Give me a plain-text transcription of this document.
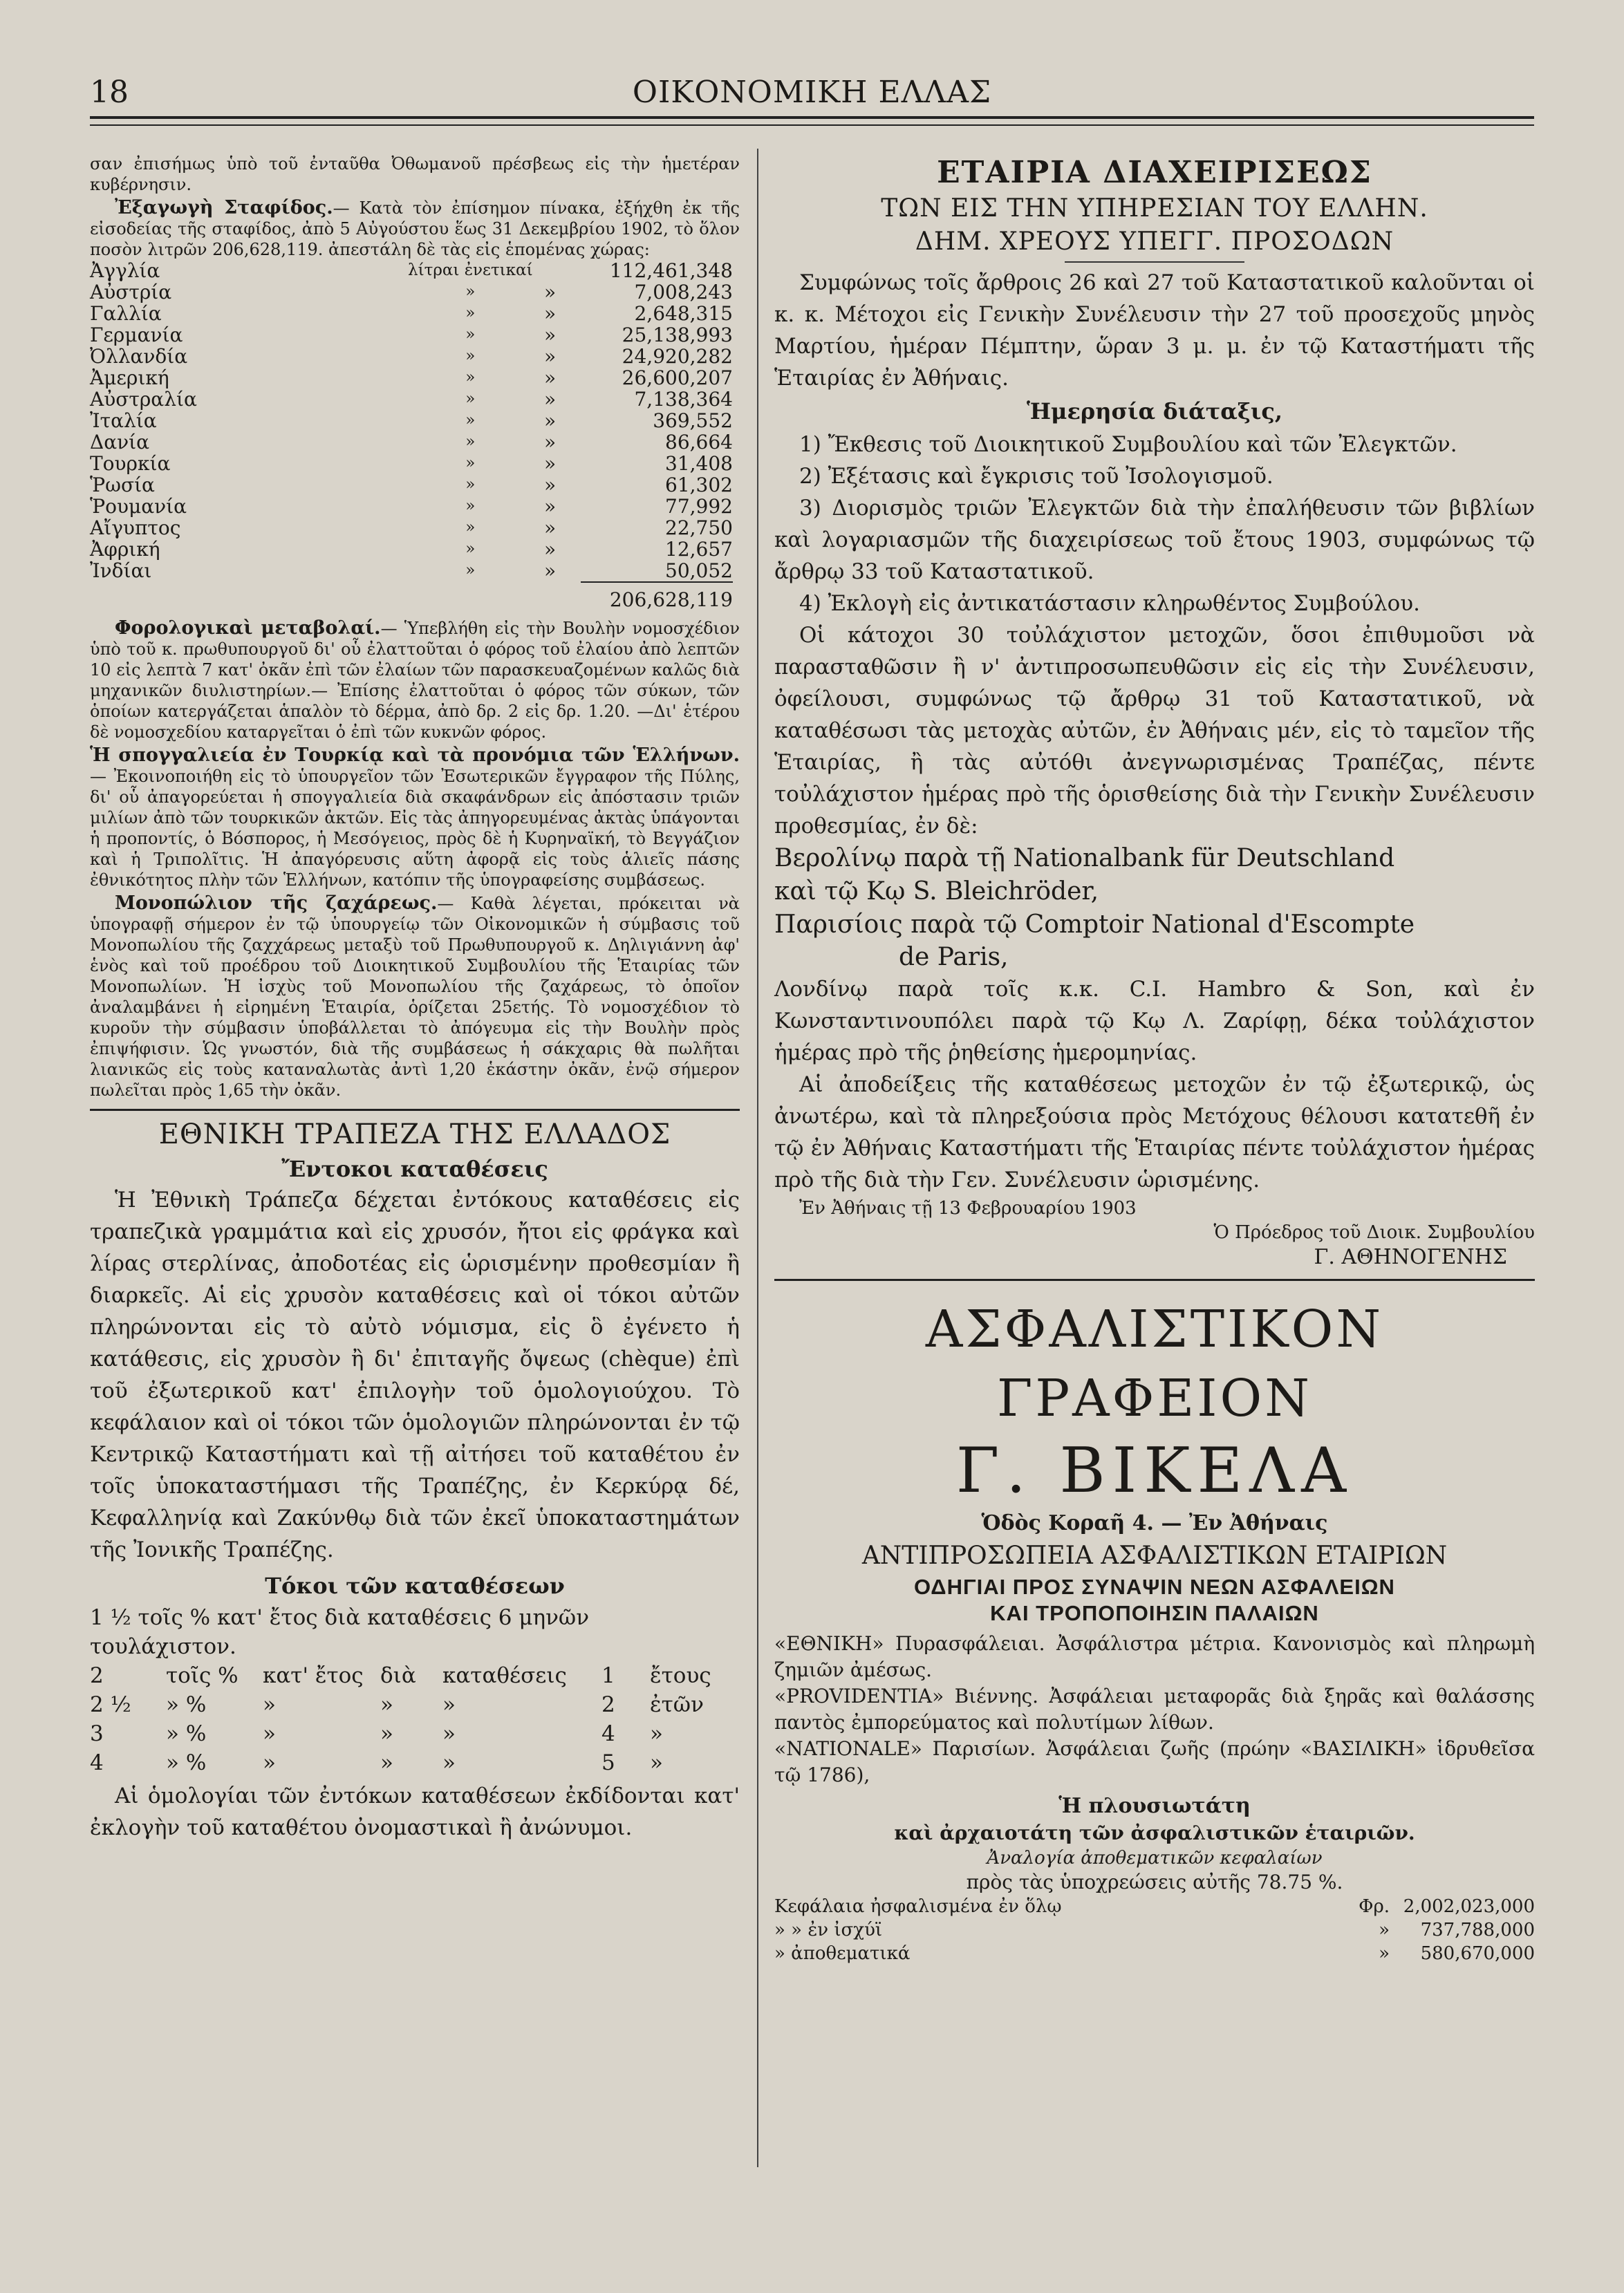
18	ΟΙΚΟΝΟΜΙΚΗ ΕΛΛΑΣ

σαν ἐπισήμως ὑπὸ τοῦ ἐνταῦθα Ὀθωμανοῦ πρέσβεως εἰς τὴν ἡμετέραν κυβέρνησιν.

Ἐξαγωγὴ Σταφίδος.— Κατὰ τὸν ἐπίσημον πίνακα, ἐξήχθη ἐκ τῆς εἰσοδείας τῆς σταφίδος, ἀπὸ 5 Αὐγούστου ἕως 31 Δεκεμβρίου 1902, τὸ ὅλον ποσὸν λιτρῶν 206,628,119. ἀπεστάλη δὲ τὰς εἰς ἑπομένας χώρας:

Ἀγγλία	λίτραι ἐνετικαί		112,461,348
Αὐστρία	»	»	7,008,243
Γαλλία	»	»	2,648,315
Γερμανία	»	»	25,138,993
Ὀλλανδία	»	»	24,920,282
Ἀμερική	»	»	26,600,207
Αὐστραλία	»	»	7,138,364
Ἰταλία	»	»	369,552
Δανία	»	»	86,664
Τουρκία	»	»	31,408
Ῥωσία	»	»	61,302
Ῥουμανία	»	»	77,992
Αἴγυπτος	»	»	22,750
Ἀφρική	»	»	12,657
Ἰνδίαι	»	»	50,052
206,628,119

Φορολογικαὶ μεταβολαί.— Ὑπεβλήθη εἰς τὴν Βουλὴν νομοσχέδιον ὑπὸ τοῦ κ. πρωθυπουργοῦ δι' οὗ ἐλαττοῦται ὁ φόρος τοῦ ἐλαίου ἀπὸ λεπτῶν 10 εἰς λεπτὰ 7 κατ' ὀκᾶν ἐπὶ τῶν ἐλαίων τῶν παρασκευαζομένων καλῶς διὰ μηχανικῶν διυλιστηρίων.— Ἐπίσης ἐλαττοῦται ὁ φόρος τῶν σύκων, τῶν ὁποίων κατεργάζεται ἁπαλὸν τὸ δέρμα, ἀπὸ δρ. 2 εἰς δρ. 1.20. —Δι' ἑτέρου δὲ νομοσχεδίου καταργεῖται ὁ ἐπὶ τῶν κυκνῶν φόρος.

Ἡ σπογγαλιεία ἐν Τουρκίᾳ καὶ τὰ προνόμια τῶν Ἑλλήνων.— Ἐκοινοποιήθη εἰς τὸ ὑπουργεῖον τῶν Ἐσωτερικῶν ἔγγραφον τῆς Πύλης, δι' οὗ ἀπαγορεύεται ἡ σπογγαλιεία διὰ σκαφάνδρων εἰς ἀπόστασιν τριῶν μιλίων ἀπὸ τῶν τουρκικῶν ἀκτῶν. Εἰς τὰς ἀπηγορευμένας ἀκτὰς ὑπάγονται ἡ προποντίς, ὁ Βόσπορος, ἡ Μεσόγειος, πρὸς δὲ ἡ Κυρηναϊκή, τὸ Βεγγάζιον καὶ ἡ Τριπολῖτις. Ἡ ἀπαγόρευσις αὕτη ἀφορᾷ εἰς τοὺς ἁλιεῖς πάσης ἐθνικότητος πλὴν τῶν Ἑλλήνων, κατόπιν τῆς ὑπογραφείσης συμβάσεως.

Μονοπώλιον τῆς ζαχάρεως.— Καθὰ λέγεται, πρόκειται νὰ ὑπογραφῇ σήμερον ἐν τῷ ὑπουργείῳ τῶν Οἰκονομικῶν ἡ σύμβασις τοῦ Μονοπωλίου τῆς ζαχχάρεως μεταξὺ τοῦ Πρωθυπουργοῦ κ. Δηλιγιάννη ἀφ' ἑνὸς καὶ τοῦ προέδρου τοῦ Διοικητικοῦ Συμβουλίου τῆς Ἑταιρίας τῶν Μονοπωλίων. Ἡ ἰσχὺς τοῦ Μονοπωλίου τῆς ζαχάρεως, τὸ ὁποῖον ἀναλαμβάνει ἡ εἰρημένη Ἑταιρία, ὁρίζεται 25ετής. Τὸ νομοσχέδιον τὸ κυροῦν τὴν σύμβασιν ὑποβάλλεται τὸ ἀπόγευμα εἰς τὴν Βουλὴν πρὸς ἐπιψήφισιν. Ὡς γνωστόν, διὰ τῆς συμβάσεως ἡ σάκχαρις θὰ πωλῆται λιανικῶς εἰς τοὺς καταναλωτὰς ἀντὶ 1,20 ἑκάστην ὀκᾶν, ἐνῷ σήμερον πωλεῖται πρὸς 1,65 τὴν ὀκᾶν.

ΕΘΝΙΚΗ ΤΡΑΠΕΖΑ ΤΗΣ ΕΛΛΑΔΟΣ
Ἔντοκοι καταθέσεις

Ἡ Ἐθνικὴ Τράπεζα δέχεται ἐντόκους καταθέσεις εἰς τραπεζικὰ γραμμάτια καὶ εἰς χρυσόν, ἤτοι εἰς φράγκα καὶ λίρας στερλίνας, ἀποδοτέας εἰς ὡρισμένην προθεσμίαν ἢ διαρκεῖς. Αἱ εἰς χρυσὸν καταθέσεις καὶ οἱ τόκοι αὐτῶν πληρώνονται εἰς τὸ αὐτὸ νόμισμα, εἰς ὃ ἐγένετο ἡ κατάθεσις, εἰς χρυσὸν ἢ δι' ἐπιταγῆς ὄψεως (chèque) ἐπὶ τοῦ ἐξωτερικοῦ κατ' ἐπιλογὴν τοῦ ὁμολογιούχου. Τὸ κεφάλαιον καὶ οἱ τόκοι τῶν ὁμολογιῶν πληρώνονται ἐν τῷ Κεντρικῷ Καταστήματι καὶ τῇ αἰτήσει τοῦ καταθέτου ἐν τοῖς ὑποκαταστήμασι τῆς Τραπέζης, ἐν Κερκύρᾳ δέ, Κεφαλληνίᾳ καὶ Ζακύνθῳ διὰ τῶν ἐκεῖ ὑποκαταστημάτων τῆς Ἰονικῆς Τραπέζης.

Τόκοι τῶν καταθέσεων

1 ½ τοῖς % κατ' ἔτος διὰ καταθέσεις 6 μηνῶν τουλάχιστον.

2	τοῖς %	κατ' ἔτος διὰ	καταθέσεις	1	ἔτους
2 ½	» %	»	»	»	2	ἐτῶν
3	» %	»	»	»	4	»
4	» %	»	»	»	5	»

Αἱ ὁμολογίαι τῶν ἐντόκων καταθέσεων ἐκδίδονται κατ' ἐκλογὴν τοῦ καταθέτου ὀνομαστικαὶ ἢ ἀνώνυμοι.

ΕΤΑΙΡΙΑ ΔΙΑΧΕΙΡΙΣΕΩΣ
ΤΩΝ ΕΙΣ ΤΗΝ ΥΠΗΡΕΣΙΑΝ ΤΟΥ ΕΛΛΗΝ.
ΔΗΜ. ΧΡΕΟΥΣ ΥΠΕΓΓ. ΠΡΟΣΟΔΩΝ

Συμφώνως τοῖς ἄρθροις 26 καὶ 27 τοῦ Καταστατικοῦ καλοῦνται οἱ κ. κ. Μέτοχοι εἰς Γενικὴν Συνέλευσιν τὴν 27 τοῦ προσεχοῦς μηνὸς Μαρτίου, ἡμέραν Πέμπτην, ὥραν 3 μ. μ. ἐν τῷ Καταστήματι τῆς Ἑταιρίας ἐν Ἀθήναις.

Ἡμερησία διάταξις,

1) Ἔκθεσις τοῦ Διοικητικοῦ Συμβουλίου καὶ τῶν Ἐλεγκτῶν.

2) Ἐξέτασις καὶ ἔγκρισις τοῦ Ἰσολογισμοῦ.

3) Διορισμὸς τριῶν Ἐλεγκτῶν διὰ τὴν ἐπαλήθευσιν τῶν βιβλίων καὶ λογαριασμῶν τῆς διαχειρίσεως τοῦ ἔτους 1903, συμφώνως τῷ ἄρθρῳ 33 τοῦ Καταστατικοῦ.

4) Ἐκλογὴ εἰς ἀντικατάστασιν κληρωθέντος Συμβούλου.

Οἱ κάτοχοι 30 τοὐλάχιστον μετοχῶν, ὅσοι ἐπιθυμοῦσι νὰ παρασταθῶσιν ἢ ν' ἀντιπροσωπευθῶσιν εἰς εἰς τὴν Συνέλευσιν, ὀφείλουσι, συμφώνως τῷ ἄρθρῳ 31 τοῦ Καταστατικοῦ, νὰ καταθέσωσι τὰς μετοχὰς αὐτῶν, ἐν Ἀθήναις μέν, εἰς τὸ ταμεῖον τῆς Ἑταιρίας, ἢ τὰς αὐτόθι ἀνεγνωρισμένας Τραπέζας, πέντε τοὐλάχιστον ἡμέρας πρὸ τῆς ὁρισθείσης διὰ τὴν Γενικὴν Συνέλευσιν προθεσμίας, ἐν δὲ:

Βερολίνῳ παρὰ τῇ Nationalbank für Deutschland

καὶ τῷ Κῳ S. Bleichröder,

Παρισίοις παρὰ τῷ Comptoir National d'Escompte

de Paris,

Λονδίνῳ παρὰ τοῖς κ.κ. C.I. Hambro & Son, καὶ ἐν Κωνσταντινουπόλει παρὰ τῷ Κῳ Λ. Ζαρίφῃ, δέκα τοὐλάχιστον ἡμέρας πρὸ τῆς ῥηθείσης ἡμερομηνίας.

Αἱ ἀποδείξεις τῆς καταθέσεως μετοχῶν ἐν τῷ ἐξωτερικῷ, ὡς ἀνωτέρω, καὶ τὰ πληρεξούσια πρὸς Μετόχους θέλουσι κατατεθῆ ἐν τῷ ἐν Ἀθήναις Καταστήματι τῆς Ἑταιρίας πέντε τοὐλάχιστον ἡμέρας πρὸ τῆς διὰ τὴν Γεν. Συνέλευσιν ὡρισμένης.

Ἐν Ἀθήναις τῇ 13 Φεβρουαρίου 1903

Ὁ Πρόεδρος τοῦ Διοικ. Συμβουλίου

Γ. ΑΘΗΝΟΓΕΝΗΣ

ΑΣΦΑΛΙΣΤΙΚΟΝ ΓΡΑΦΕΙΟΝ
Γ. ΒΙΚΕΛΑ
Ὁδὸς Κοραῆ 4. — Ἐν Ἀθήναις
ΑΝΤΙΠΡΟΣΩΠΕΙΑ ΑΣΦΑΛΙΣΤΙΚΩΝ ΕΤΑΙΡΙΩΝ
ΟΔΗΓΙΑΙ ΠΡΟΣ ΣΥΝΑΨΙΝ ΝΕΩΝ ΑΣΦΑΛΕΙΩΝ
ΚΑΙ ΤΡΟΠΟΠΟΙΗΣΙΝ ΠΑΛΑΙΩΝ

«ΕΘΝΙΚΗ» Πυρασφάλειαι. Ἀσφάλιστρα μέτρια. Κανονισμὸς καὶ πληρωμὴ ζημιῶν ἀμέσως.

«PROVIDENTIA» Βιέννης. Ἀσφάλειαι μεταφορᾶς διὰ ξηρᾶς καὶ θαλάσσης παντὸς ἐμπορεύματος καὶ πολυτίμων λίθων.

«NATIONALE» Παρισίων. Ἀσφάλειαι ζωῆς (πρώην «ΒΑΣΙΛΙΚΗ» ἱδρυθεῖσα τῷ 1786),

Ἡ πλουσιωτάτη
καὶ ἀρχαιοτάτη τῶν ἀσφαλιστικῶν ἑταιριῶν.
Ἀναλογία ἀποθεματικῶν κεφαλαίων
πρὸς τὰς ὑποχρεώσεις αὐτῆς 78.75 %.
Κεφάλαια ἠσφαλισμένα ἐν ὅλῳ	Φρ. 2,002,023,000
» » ἐν ἰσχύϊ	»	737,788,000
» ἀποθεματικά	»	580,670,000
